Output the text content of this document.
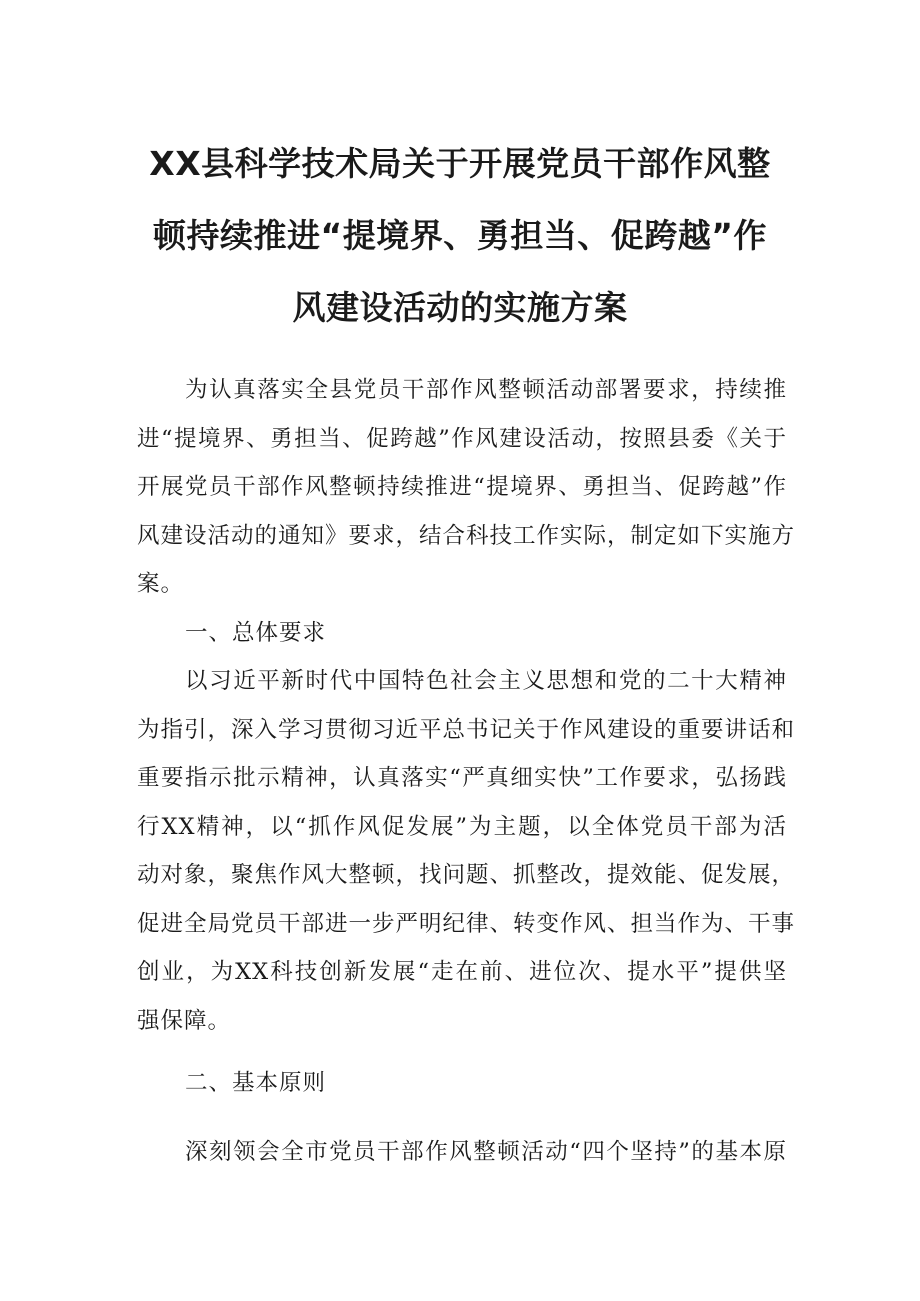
XX县科学技术局关于开展党员干部作风整
顿持续推进“提境界、勇担当、促跨越”作
风建设活动的实施方案
为认真落实全县党员干部作风整顿活动部署要求，持续推
进“提境界、勇担当、促跨越”作风建设活动，按照县委《关于
开展党员干部作风整顿持续推进“提境界、勇担当、促跨越”作
风建设活动的通知》要求，结合科技工作实际，制定如下实施方
案。
一、总体要求
以习近平新时代中国特色社会主义思想和党的二十大精神
为指引，深入学习贯彻习近平总书记关于作风建设的重要讲话和
重要指示批示精神，认真落实“严真细实快”工作要求，弘扬践
行XX精神，以“抓作风促发展”为主题，以全体党员干部为活
动对象，聚焦作风大整顿，找问题、抓整改，提效能、促发展，
促进全局党员干部进一步严明纪律、转变作风、担当作为、干事
创业，为XX科技创新发展“走在前、进位次、提水平”提供坚
强保障。
二、基本原则
深刻领会全市党员干部作风整顿活动“四个坚持”的基本原
